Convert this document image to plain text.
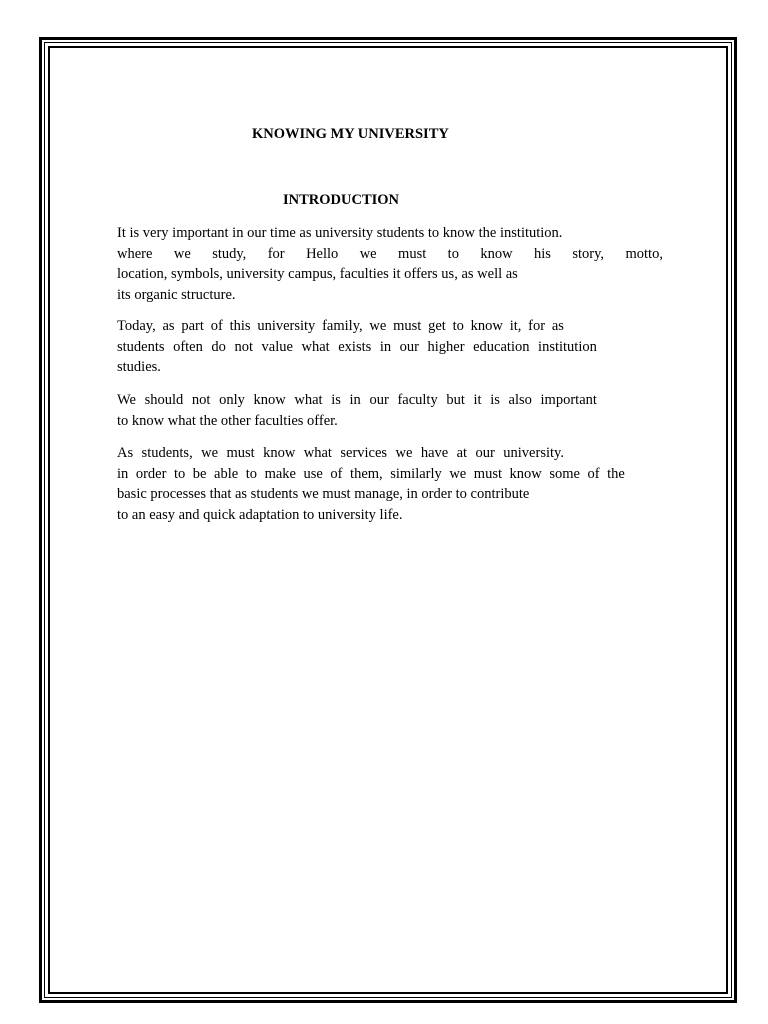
KNOWING MY UNIVERSITY
INTRODUCTION
It is very important in our time as university students to know the institution.
where we study, for Hello we must to know his story, motto,
location, symbols, university campus, faculties it offers us, as well as
its organic structure.
Today, as part of this university family, we must get to know it, for as
students often do not value what exists in our higher education institution
studies.
We should not only know what is in our faculty but it is also important
to know what the other faculties offer.
As students, we must know what services we have at our university.
in order to be able to make use of them, similarly we must know some of the
basic processes that as students we must manage, in order to contribute
to an easy and quick adaptation to university life.
